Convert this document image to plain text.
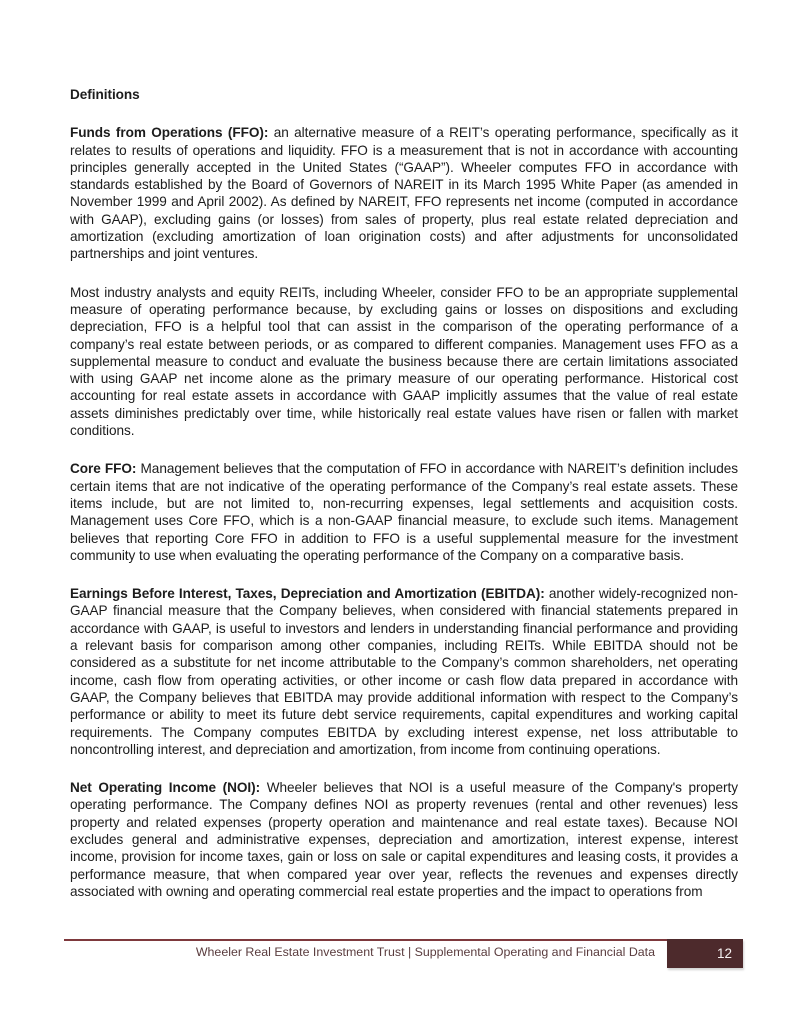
Definitions
Funds from Operations (FFO): an alternative measure of a REIT’s operating performance, specifically as it relates to results of operations and liquidity. FFO is a measurement that is not in accordance with accounting principles generally accepted in the United States (“GAAP”). Wheeler computes FFO in accordance with standards established by the Board of Governors of NAREIT in its March 1995 White Paper (as amended in November 1999 and April 2002). As defined by NAREIT, FFO represents net income (computed in accordance with GAAP), excluding gains (or losses) from sales of property, plus real estate related depreciation and amortization (excluding amortization of loan origination costs) and after adjustments for unconsolidated partnerships and joint ventures.
Most industry analysts and equity REITs, including Wheeler, consider FFO to be an appropriate supplemental measure of operating performance because, by excluding gains or losses on dispositions and excluding depreciation, FFO is a helpful tool that can assist in the comparison of the operating performance of a company’s real estate between periods, or as compared to different companies. Management uses FFO as a supplemental measure to conduct and evaluate the business because there are certain limitations associated with using GAAP net income alone as the primary measure of our operating performance. Historical cost accounting for real estate assets in accordance with GAAP implicitly assumes that the value of real estate assets diminishes predictably over time, while historically real estate values have risen or fallen with market conditions.
Core FFO: Management believes that the computation of FFO in accordance with NAREIT’s definition includes certain items that are not indicative of the operating performance of the Company’s real estate assets. These items include, but are not limited to, non-recurring expenses, legal settlements and acquisition costs. Management uses Core FFO, which is a non-GAAP financial measure, to exclude such items. Management believes that reporting Core FFO in addition to FFO is a useful supplemental measure for the investment community to use when evaluating the operating performance of the Company on a comparative basis.
Earnings Before Interest, Taxes, Depreciation and Amortization (EBITDA): another widely-recognized non-GAAP financial measure that the Company believes, when considered with financial statements prepared in accordance with GAAP, is useful to investors and lenders in understanding financial performance and providing a relevant basis for comparison among other companies, including REITs. While EBITDA should not be considered as a substitute for net income attributable to the Company’s common shareholders, net operating income, cash flow from operating activities, or other income or cash flow data prepared in accordance with GAAP, the Company believes that EBITDA may provide additional information with respect to the Company’s performance or ability to meet its future debt service requirements, capital expenditures and working capital requirements. The Company computes EBITDA by excluding interest expense, net loss attributable to noncontrolling interest, and depreciation and amortization, from income from continuing operations.
Net Operating Income (NOI): Wheeler believes that NOI is a useful measure of the Company's property operating performance. The Company defines NOI as property revenues (rental and other revenues) less property and related expenses (property operation and maintenance and real estate taxes). Because NOI excludes general and administrative expenses, depreciation and amortization, interest expense, interest income, provision for income taxes, gain or loss on sale or capital expenditures and leasing costs, it provides a performance measure, that when compared year over year, reflects the revenues and expenses directly associated with owning and operating commercial real estate properties and the impact to operations from
Wheeler Real Estate Investment Trust | Supplemental Operating and Financial Data	12
